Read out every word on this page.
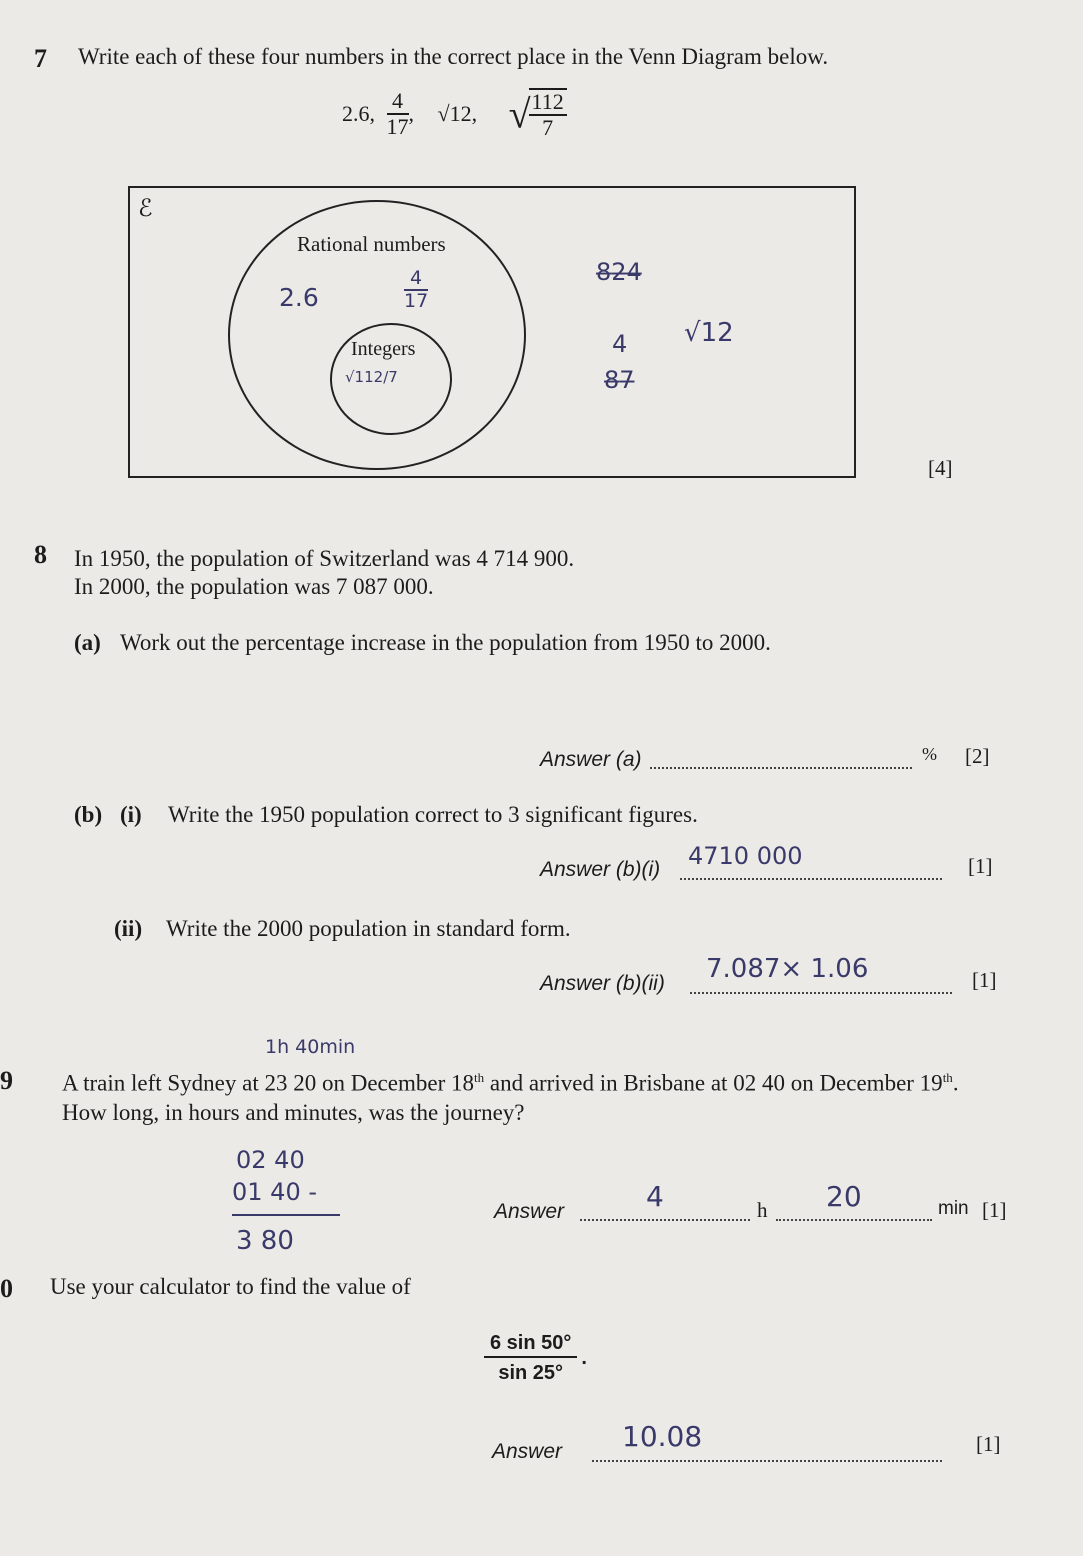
7 Write each of these four numbers in the correct place in the Venn Diagram below.
2.6, $\frac{4}{17}$ , √12, √
$\frac{112}{7}$
ℰ
Rational numbers
Integers
2.6	$\frac{4}{17}$
√112/7
8̶2̶4̶
√12
4
8̶7̶
[4]
8 In 1950, the population of Switzerland was 4 714 900.
In 2000, the population was 7 087 000.
(a) Work out the percentage increase in the population from 1950 to 2000.
Answer (a)	% [2]
(b) (i) Write the 1950 population correct to 3 significant figures.
Answer (b)(i) 4710 000	[1]
(ii) Write the 2000 population in standard form.
Answer (b)(ii) 7.087× 1.06	[1]
1h 40min
9 A train left Sydney at 23 20 on December 18th and arrived in Brisbane at 02 40 on December 19th.
How long, in hours and minutes, was the journey?
02 40
01 40 -
3 80
Answer	4	h 20	min [1]
0 Use your calculator to find the value of
$\frac{6 \sin 50^\circ}{\sin 25^\circ}$ .
Answer 10.08	[1]
